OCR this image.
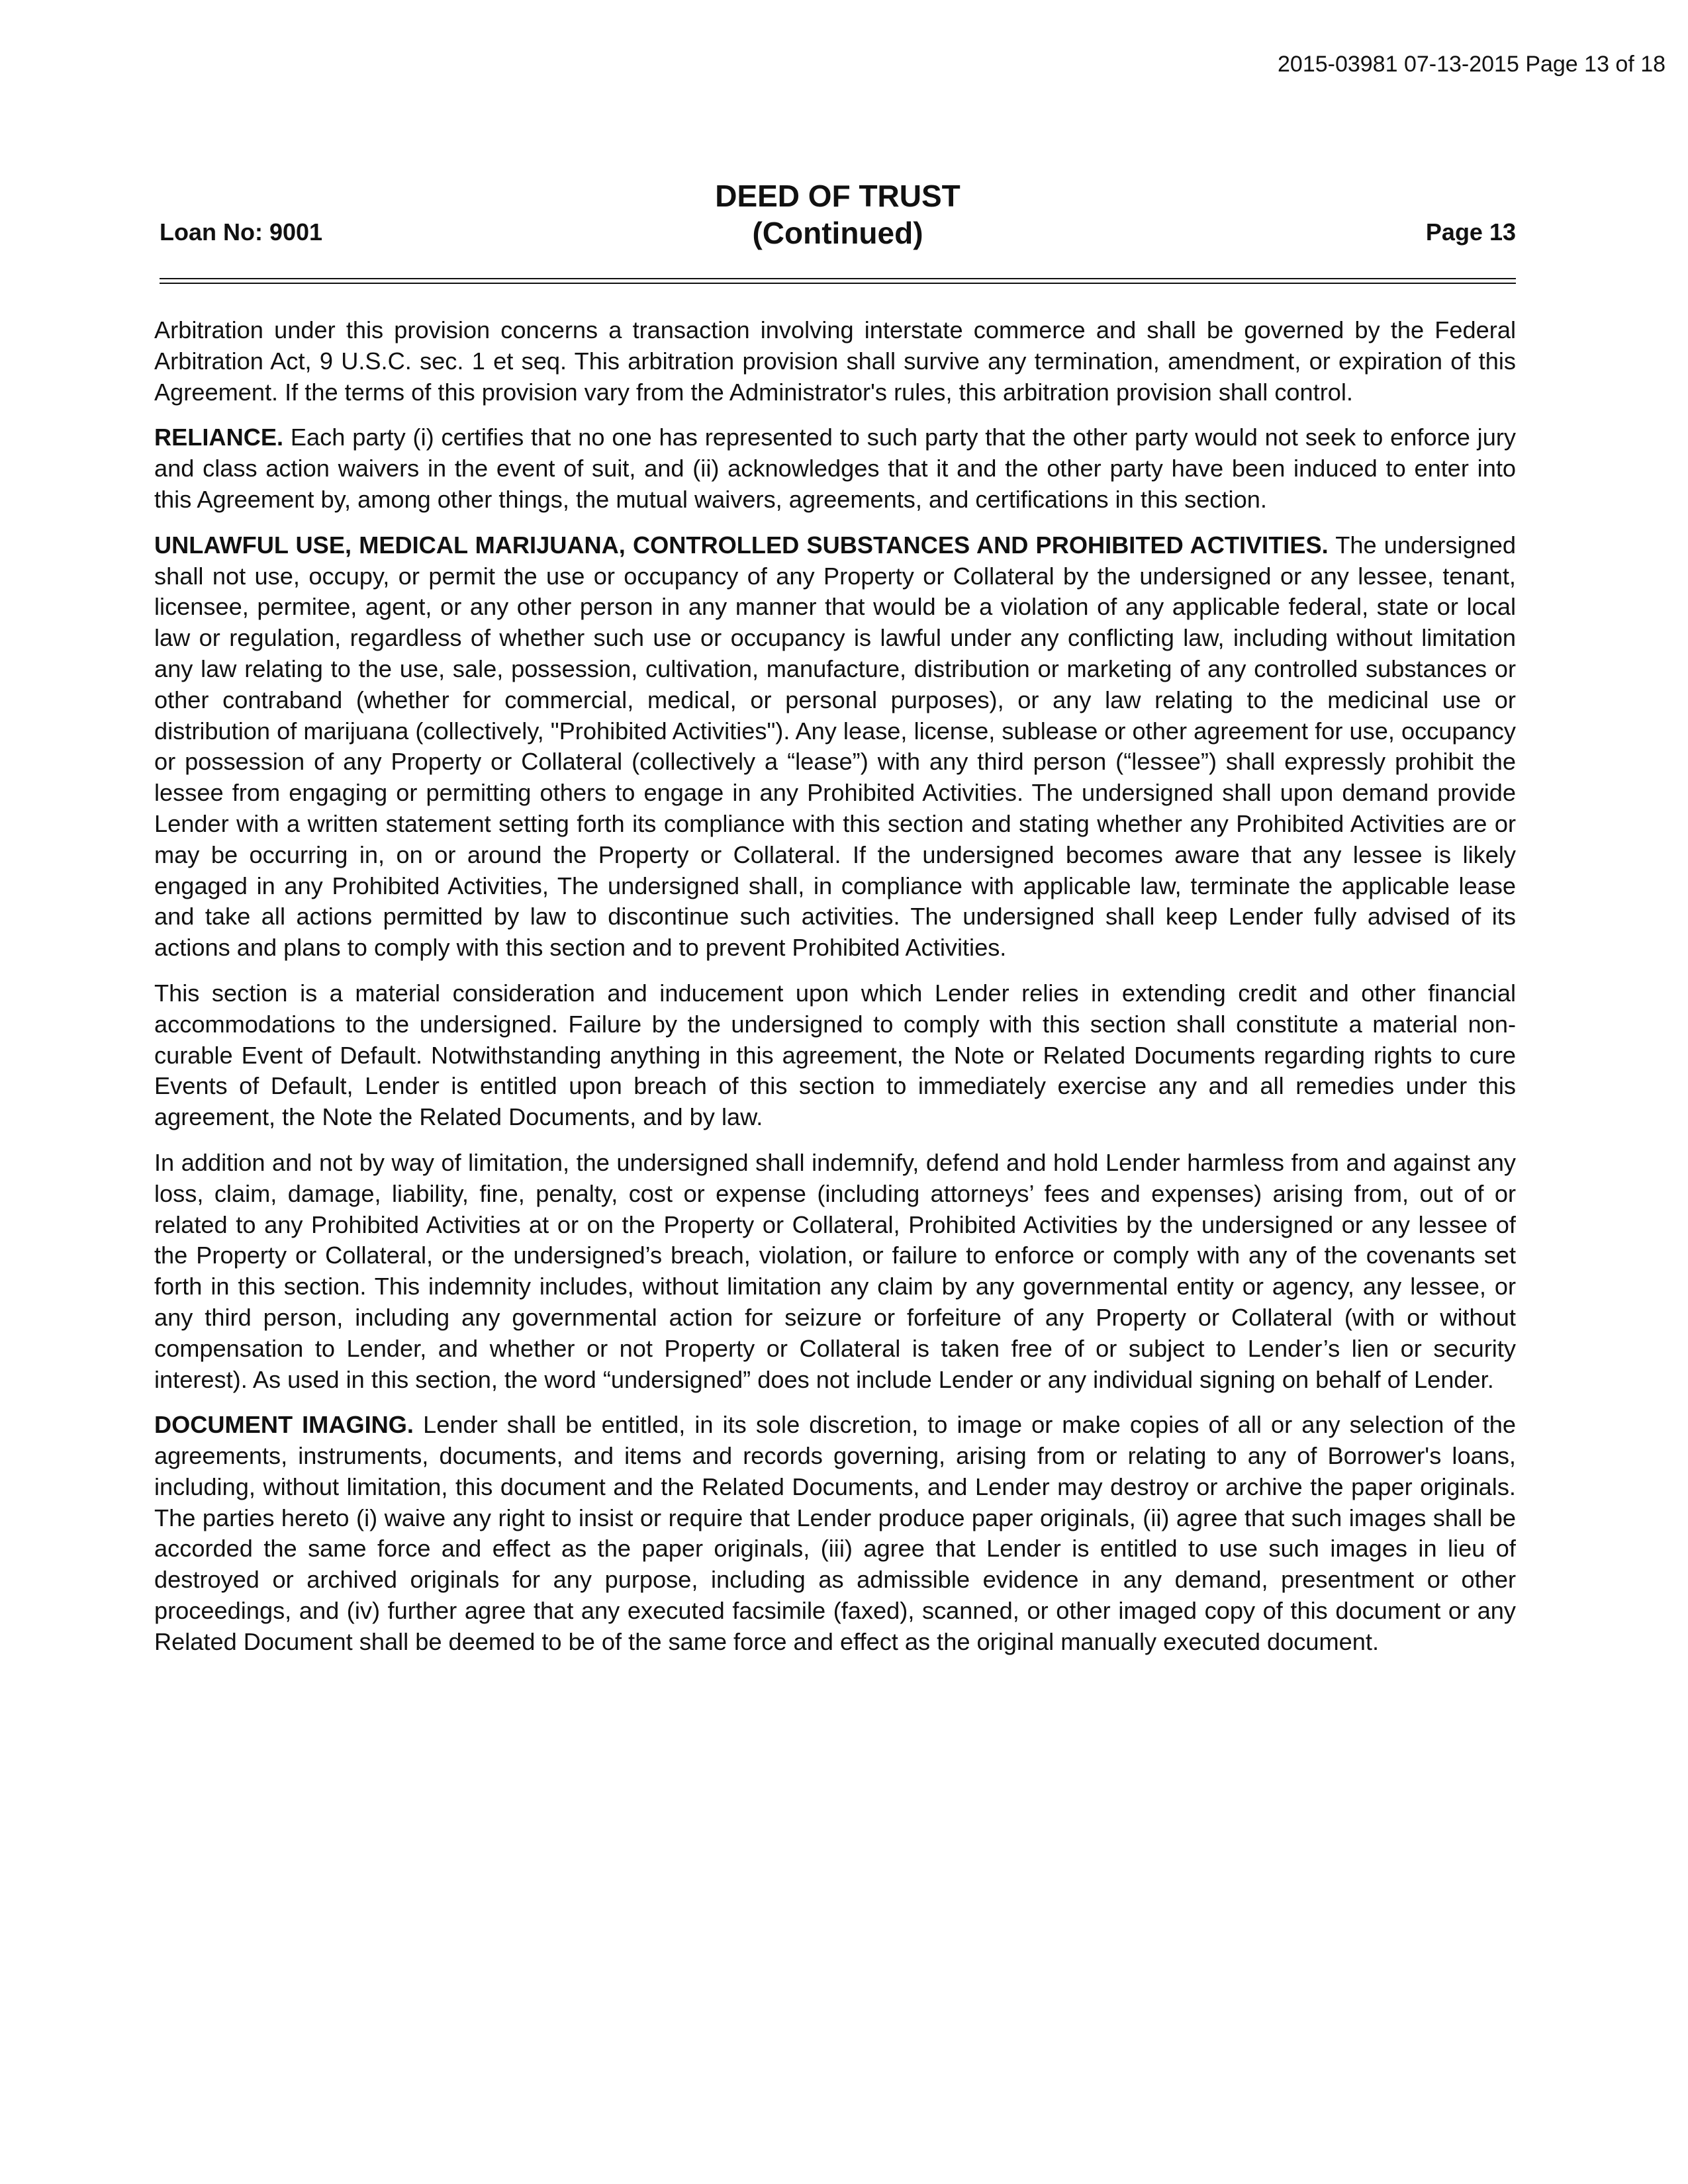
2015-03981 07-13-2015 Page 13 of 18
Loan No: 9001
DEED OF TRUST
(Continued)	Page 13

Arbitration under this provision concerns a transaction involving interstate commerce and shall be governed by the Federal Arbitration Act, 9 U.S.C. sec. 1 et seq. This arbitration provision shall survive any termination, amendment, or expiration of this Agreement. If the terms of this provision vary from the Administrator's rules, this arbitration provision shall control.

RELIANCE. Each party (i) certifies that no one has represented to such party that the other party would not seek to enforce jury and class action waivers in the event of suit, and (ii) acknowledges that it and the other party have been induced to enter into this Agreement by, among other things, the mutual waivers, agreements, and certifications in this section.

UNLAWFUL USE, MEDICAL MARIJUANA, CONTROLLED SUBSTANCES AND PROHIBITED ACTIVITIES. The undersigned shall not use, occupy, or permit the use or occupancy of any Property or Collateral by the undersigned or any lessee, tenant, licensee, permitee, agent, or any other person in any manner that would be a violation of any applicable federal, state or local law or regulation, regardless of whether such use or occupancy is lawful under any conflicting law, including without limitation any law relating to the use, sale, possession, cultivation, manufacture, distribution or marketing of any controlled substances or other contraband (whether for commercial, medical, or personal purposes), or any law relating to the medicinal use or distribution of marijuana (collectively, "Prohibited Activities"). Any lease, license, sublease or other agreement for use, occupancy or possession of any Property or Collateral (collectively a “lease”) with any third person (“lessee”) shall expressly prohibit the lessee from engaging or permitting others to engage in any Prohibited Activities. The undersigned shall upon demand provide Lender with a written statement setting forth its compliance with this section and stating whether any Prohibited Activities are or may be occurring in, on or around the Property or Collateral. If the undersigned becomes aware that any lessee is likely engaged in any Prohibited Activities, The undersigned shall, in compliance with applicable law, terminate the applicable lease and take all actions permitted by law to discontinue such activities. The undersigned shall keep Lender fully advised of its actions and plans to comply with this section and to prevent Prohibited Activities.

This section is a material consideration and inducement upon which Lender relies in extending credit and other financial accommodations to the undersigned. Failure by the undersigned to comply with this section shall constitute a material non-curable Event of Default. Notwithstanding anything in this agreement, the Note or Related Documents regarding rights to cure Events of Default, Lender is entitled upon breach of this section to immediately exercise any and all remedies under this agreement, the Note the Related Documents, and by law.

In addition and not by way of limitation, the undersigned shall indemnify, defend and hold Lender harmless from and against any loss, claim, damage, liability, fine, penalty, cost or expense (including attorneys’ fees and expenses) arising from, out of or related to any Prohibited Activities at or on the Property or Collateral, Prohibited Activities by the undersigned or any lessee of the Property or Collateral, or the undersigned’s breach, violation, or failure to enforce or comply with any of the covenants set forth in this section. This indemnity includes, without limitation any claim by any governmental entity or agency, any lessee, or any third person, including any governmental action for seizure or forfeiture of any Property or Collateral (with or without compensation to Lender, and whether or not Property or Collateral is taken free of or subject to Lender’s lien or security interest). As used in this section, the word “undersigned” does not include Lender or any individual signing on behalf of Lender.

DOCUMENT IMAGING. Lender shall be entitled, in its sole discretion, to image or make copies of all or any selection of the agreements, instruments, documents, and items and records governing, arising from or relating to any of Borrower's loans, including, without limitation, this document and the Related Documents, and Lender may destroy or archive the paper originals. The parties hereto (i) waive any right to insist or require that Lender produce paper originals, (ii) agree that such images shall be accorded the same force and effect as the paper originals, (iii) agree that Lender is entitled to use such images in lieu of destroyed or archived originals for any purpose, including as admissible evidence in any demand, presentment or other proceedings, and (iv) further agree that any executed facsimile (faxed), scanned, or other imaged copy of this document or any Related Document shall be deemed to be of the same force and effect as the original manually executed document.
